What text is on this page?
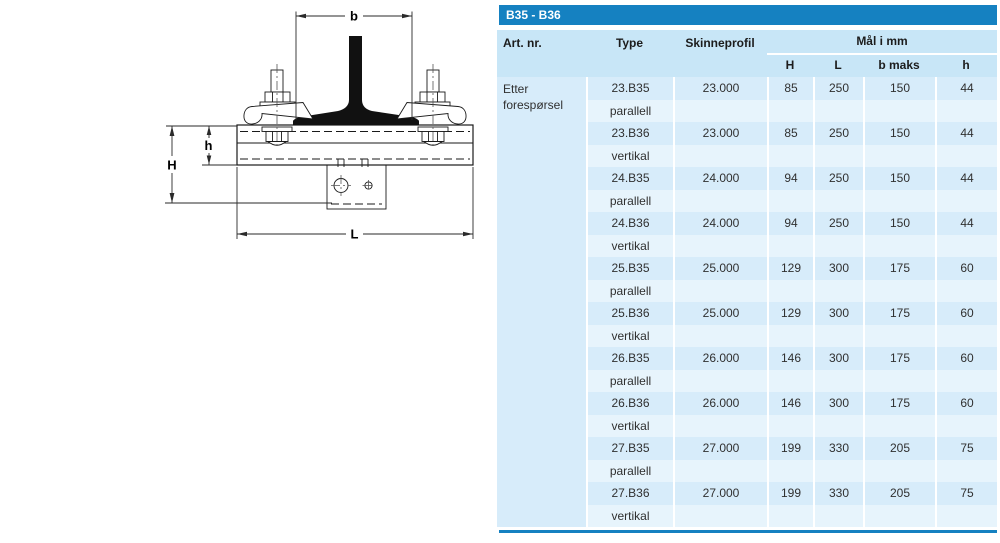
b
H
h
L
B35 - B36
Art. nr.	Type	Skinneprofil	Mål i mm
H	L	b maks	h
Etter forespørsel
23.B35	23.000	85	250	150	44
parallell
23.B36	23.000	85	250	150	44
vertikal
24.B35	24.000	94	250	150	44
parallell
24.B36	24.000	94	250	150	44
vertikal
25.B35	25.000	129	300	175	60
parallell
25.B36	25.000	129	300	175	60
vertikal
26.B35	26.000	146	300	175	60
parallell
26.B36	26.000	146	300	175	60
vertikal
27.B35	27.000	199	330	205	75
parallell
27.B36	27.000	199	330	205	75
vertikal
